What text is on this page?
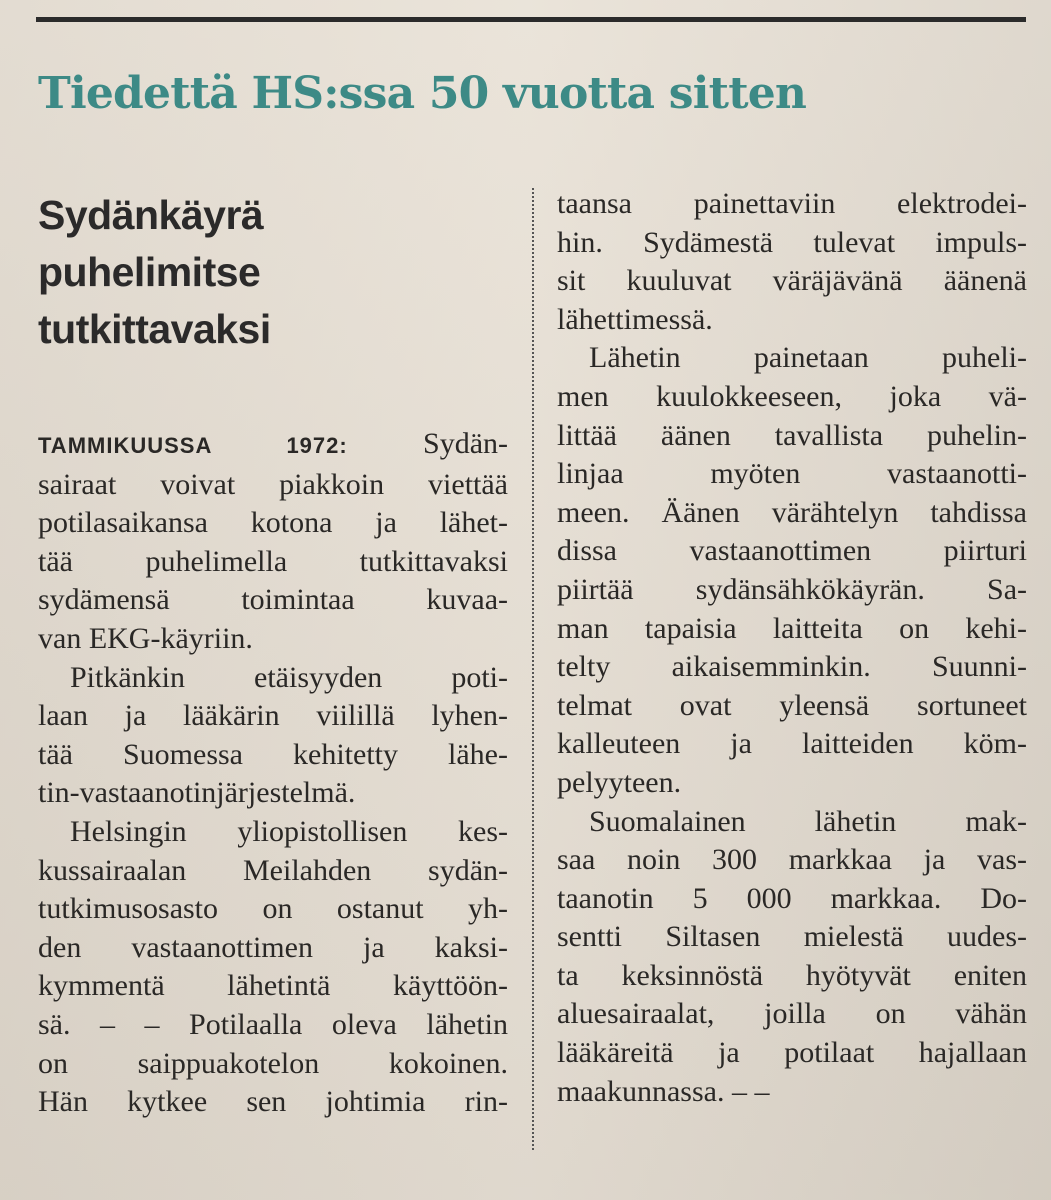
Tiedettä HS:ssa 50 vuotta sitten
Sydänkäyrä
puhelimitse
tutkittavaksi
TAMMIKUUSSA 1972: Sydän-
sairaat voivat piakkoin viettää
potilasaikansa kotona ja lähet-
tää puhelimella tutkittavaksi
sydämensä toimintaa kuvaa-
van EKG-käyriin.
Pitkänkin etäisyyden poti-
laan ja lääkärin viilillä lyhen-
tää Suomessa kehitetty lähe-
tin-vastaanotinjärjestelmä.
Helsingin yliopistollisen kes-
kussairaalan Meilahden sydän-
tutkimusosasto on ostanut yh-
den vastaanottimen ja kaksi-
kymmentä lähetintä käyttöön-
sä. – – Potilaalla oleva lähetin
on saippuakotelon kokoinen.
Hän kytkee sen johtimia rin-
taansa painettaviin elektrodei-
hin. Sydämestä tulevat impuls-
sit kuuluvat väräjävänä äänenä
lähettimessä.
Lähetin painetaan puheli-
men kuulokkeeseen, joka vä-
littää äänen tavallista puhelin-
linjaa myöten vastaanotti-
meen. Äänen värähtelyn tahdissa
dissa vastaanottimen piirturi
piirtää sydänsähkökäyrän. Sa-
man tapaisia laitteita on kehi-
telty aikaisemminkin. Suunni-
telmat ovat yleensä sortuneet
kalleuteen ja laitteiden köm-
pelyyteen.
Suomalainen lähetin mak-
saa noin 300 markkaa ja vas-
taanotin 5 000 markkaa. Do-
sentti Siltasen mielestä uudes-
ta keksinnöstä hyötyvät eniten
aluesairaalat, joilla on vähän
lääkäreitä ja potilaat hajallaan
maakunnassa. – –
